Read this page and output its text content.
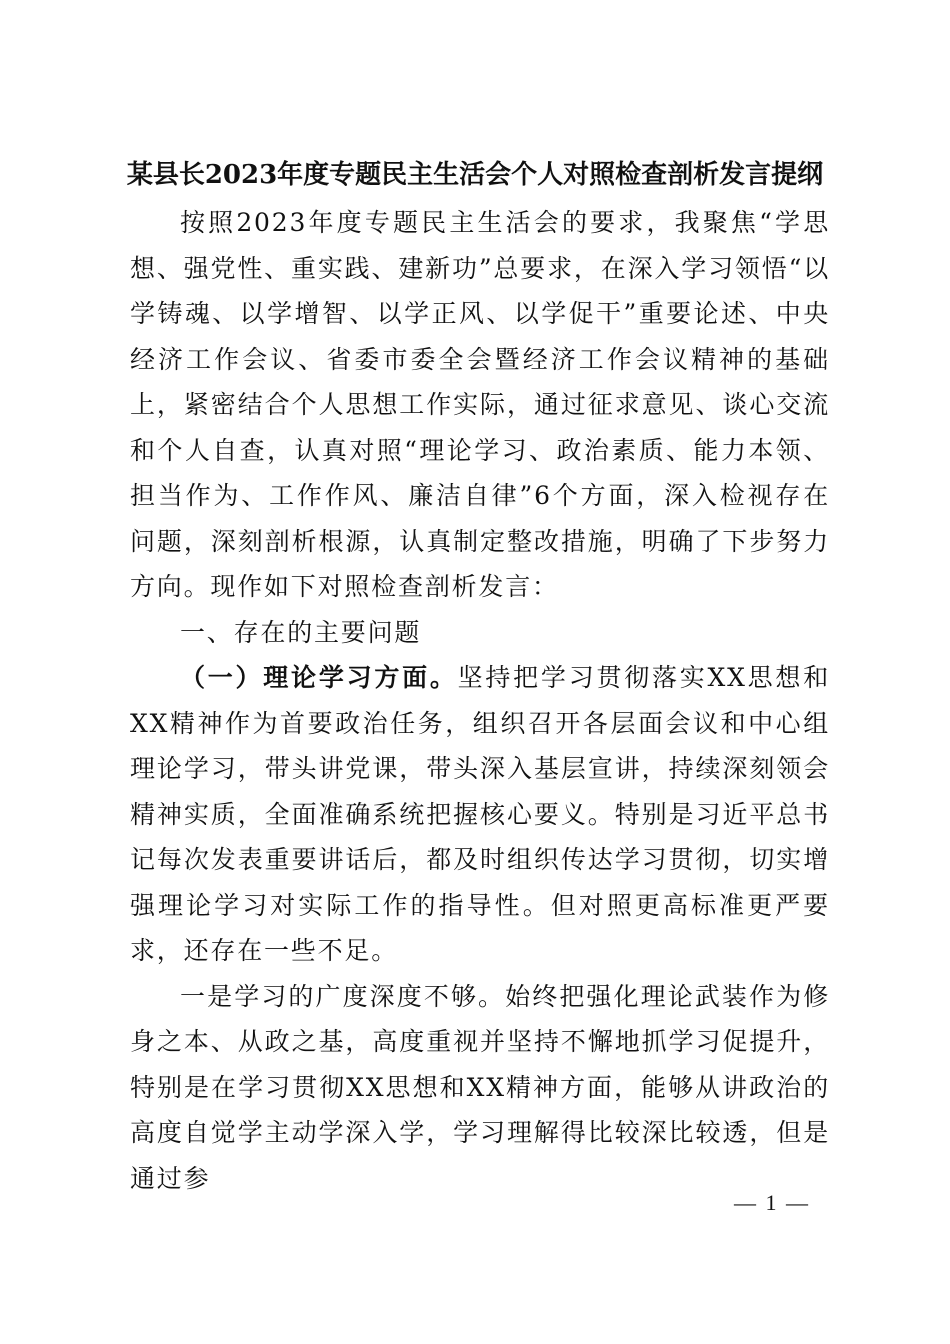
某县长2023年度专题民主生活会个人对照检查剖析发言提纲

按照2023年度专题民主生活会的要求，我聚焦“学思想、强党性、重实践、建新功”总要求，在深入学习领悟“以学铸魂、以学增智、以学正风、以学促干”重要论述、中央经济工作会议、省委市委全会暨经济工作会议精神的基础上，紧密结合个人思想工作实际，通过征求意见、谈心交流和个人自查，认真对照“理论学习、政治素质、能力本领、担当作为、工作作风、廉洁自律”6个方面，深入检视存在问题，深刻剖析根源，认真制定整改措施，明确了下步努力方向。现作如下对照检查剖析发言：

一、存在的主要问题

（一）理论学习方面。坚持把学习贯彻落实XX思想和XX精神作为首要政治任务，组织召开各层面会议和中心组理论学习，带头讲党课，带头深入基层宣讲，持续深刻领会精神实质，全面准确系统把握核心要义。特别是习近平总书记每次发表重要讲话后，都及时组织传达学习贯彻，切实增强理论学习对实际工作的指导性。但对照更高标准更严要求，还存在一些不足。

一是学习的广度深度不够。始终把强化理论武装作为修身之本、从政之基，高度重视并坚持不懈地抓学习促提升，特别是在学习贯彻XX思想和XX精神方面，能够从讲政治的高度自觉学主动学深入学，学习理解得比较深比较透，但是通过参

— 1 —
